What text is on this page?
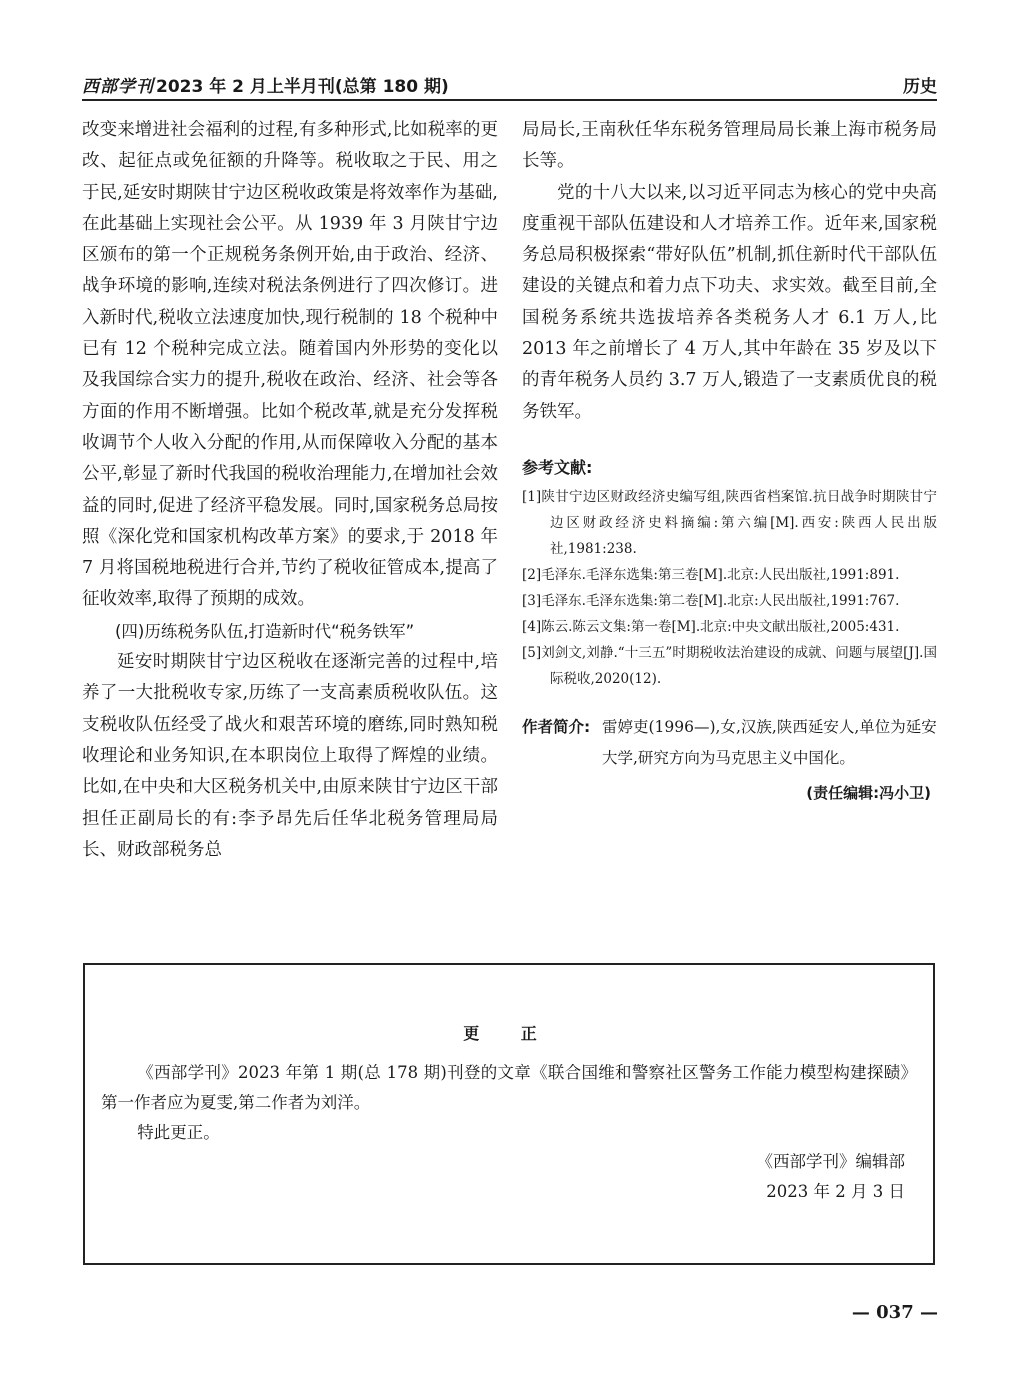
西部学刊 2023 年 2 月上半月刊(总第 180 期)	历史

改变来增进社会福利的过程,有多种形式,比如税率的更改、起征点或免征额的升降等。税收取之于民、用之于民,延安时期陕甘宁边区税收政策是将效率作为基础,在此基础上实现社会公平。从 1939 年 3 月陕甘宁边区颁布的第一个正规税务条例开始,由于政治、经济、战争环境的影响,连续对税法条例进行了四次修订。进入新时代,税收立法速度加快,现行税制的 18 个税种中已有 12 个税种完成立法。随着国内外形势的变化以及我国综合实力的提升,税收在政治、经济、社会等各方面的作用不断增强。比如个税改革,就是充分发挥税收调节个人收入分配的作用,从而保障收入分配的基本公平,彰显了新时代我国的税收治理能力,在增加社会效益的同时,促进了经济平稳发展。同时,国家税务总局按照《深化党和国家机构改革方案》的要求,于 2018 年 7 月将国税地税进行合并,节约了税收征管成本,提高了征收效率,取得了预期的成效。

(四)历练税务队伍,打造新时代“税务铁军”

延安时期陕甘宁边区税收在逐渐完善的过程中,培养了一大批税收专家,历练了一支高素质税收队伍。这支税收队伍经受了战火和艰苦环境的磨练,同时熟知税收理论和业务知识,在本职岗位上取得了辉煌的业绩。比如,在中央和大区税务机关中,由原来陕甘宁边区干部担任正副局长的有:李予昂先后任华北税务管理局局长、财政部税务总

局局长,王南秋任华东税务管理局局长兼上海市税务局长等。

党的十八大以来,以习近平同志为核心的党中央高度重视干部队伍建设和人才培养工作。近年来,国家税务总局积极探索“带好队伍”机制,抓住新时代干部队伍建设的关键点和着力点下功夫、求实效。截至目前,全国税务系统共选拔培养各类税务人才 6.1 万人,比 2013 年之前增长了 4 万人,其中年龄在 35 岁及以下的青年税务人员约 3.7 万人,锻造了一支素质优良的税务铁军。

参考文献:
[1]陕甘宁边区财政经济史编写组,陕西省档案馆.抗日战争时期陕甘宁边区财政经济史料摘编:第六编[M].西安:陕西人民出版社,1981:238.
[2]毛泽东.毛泽东选集:第三卷[M].北京:人民出版社,1991:891.
[3]毛泽东.毛泽东选集:第二卷[M].北京:人民出版社,1991:767.
[4]陈云.陈云文集:第一卷[M].北京:中央文献出版社,2005:431.
[5]刘剑文,刘静.“十三五”时期税收法治建设的成就、问题与展望[J].国际税收,2020(12).
作者简介: 雷婷吏(1996—),女,汉族,陕西延安人,单位为延安大学,研究方向为马克思主义中国化。
(责任编辑:冯小卫)
更 正

《西部学刊》2023 年第 1 期(总 178 期)刊登的文章《联合国维和警察社区警务工作能力模型构建探赜》第一作者应为夏雯,第二作者为刘洋。

特此更正。

《西部学刊》编辑部
2023 年 2 月 3 日
— 037 —
